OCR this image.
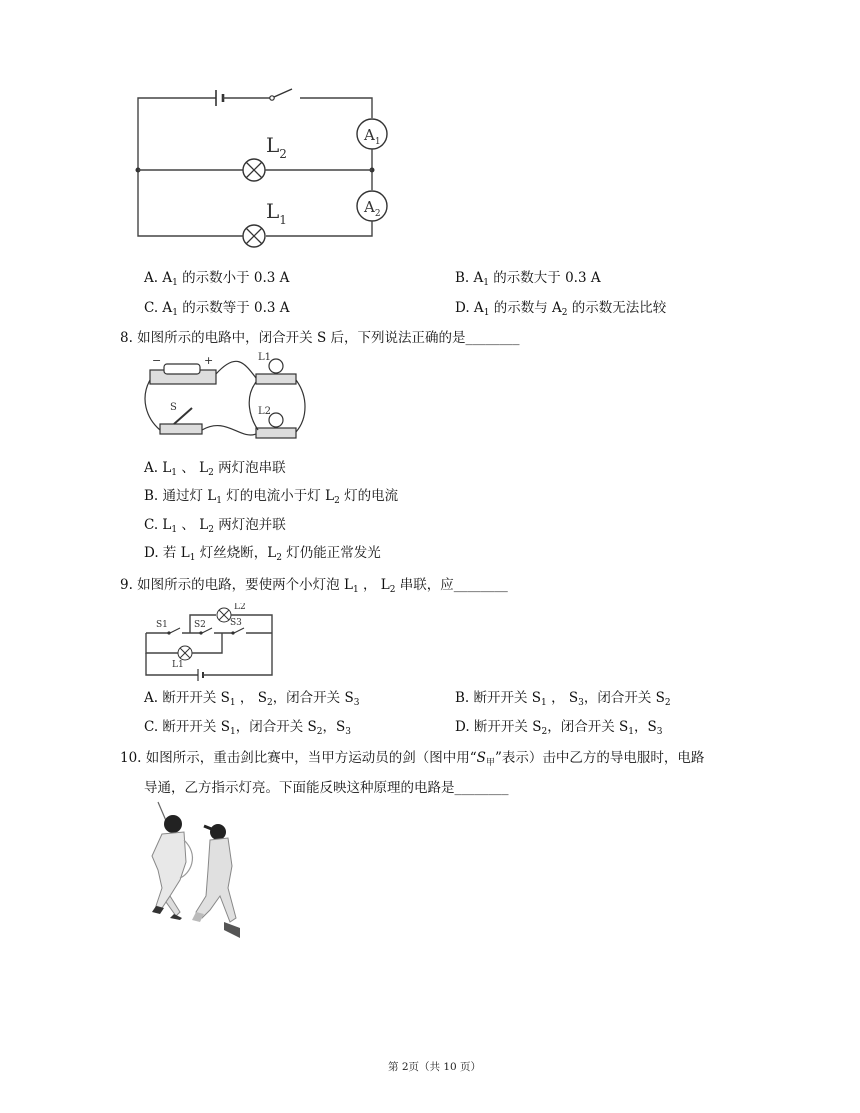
$A_1$
$A_2$
$L_2$
$L_1$
A. $A_1$ 的示数小于 0.3 A	B. $A_1$ 的示数大于 0.3 A
C. $A_1$ 的示数等于 0.3 A	D. $A_1$ 的示数与 $A_2$ 的示数无法比较
8. 如图所示的电路中，闭合开关 S 后，下列说法正确的是________
−	+	L1
S	L2
A. $L_1$ 、 $L_2$ 两灯泡串联
B. 通过灯 $L_1$ 灯的电流小于灯 $L_2$ 灯的电流
C. $L_1$ 、 $L_2$ 两灯泡并联
D. 若 $L_1$ 灯丝烧断，$L_2$ 灯仍能正常发光
9. 如图所示的电路，要使两个小灯泡 $L_1$ ， $L_2$ 串联，应________
S1	S2	S3
L2
L1
A. 断开开关 $S_1$ ， $S_2$，闭合开关 $S_3$	B. 断开开关 $S_1$ ， $S_3$，闭合开关 $S_2$
C. 断开开关 $S_1$，闭合开关 $S_2$，$S_3$	D. 断开开关 $S_2$，闭合开关 $S_1$，$S_3$
10. 如图所示，重击剑比赛中，当甲方运动员的剑（图中用“$S_甲$”表示）击中乙方的导电服时，电路
导通，乙方指示灯亮。下面能反映这种原理的电路是________
第 2页（共 10 页）
